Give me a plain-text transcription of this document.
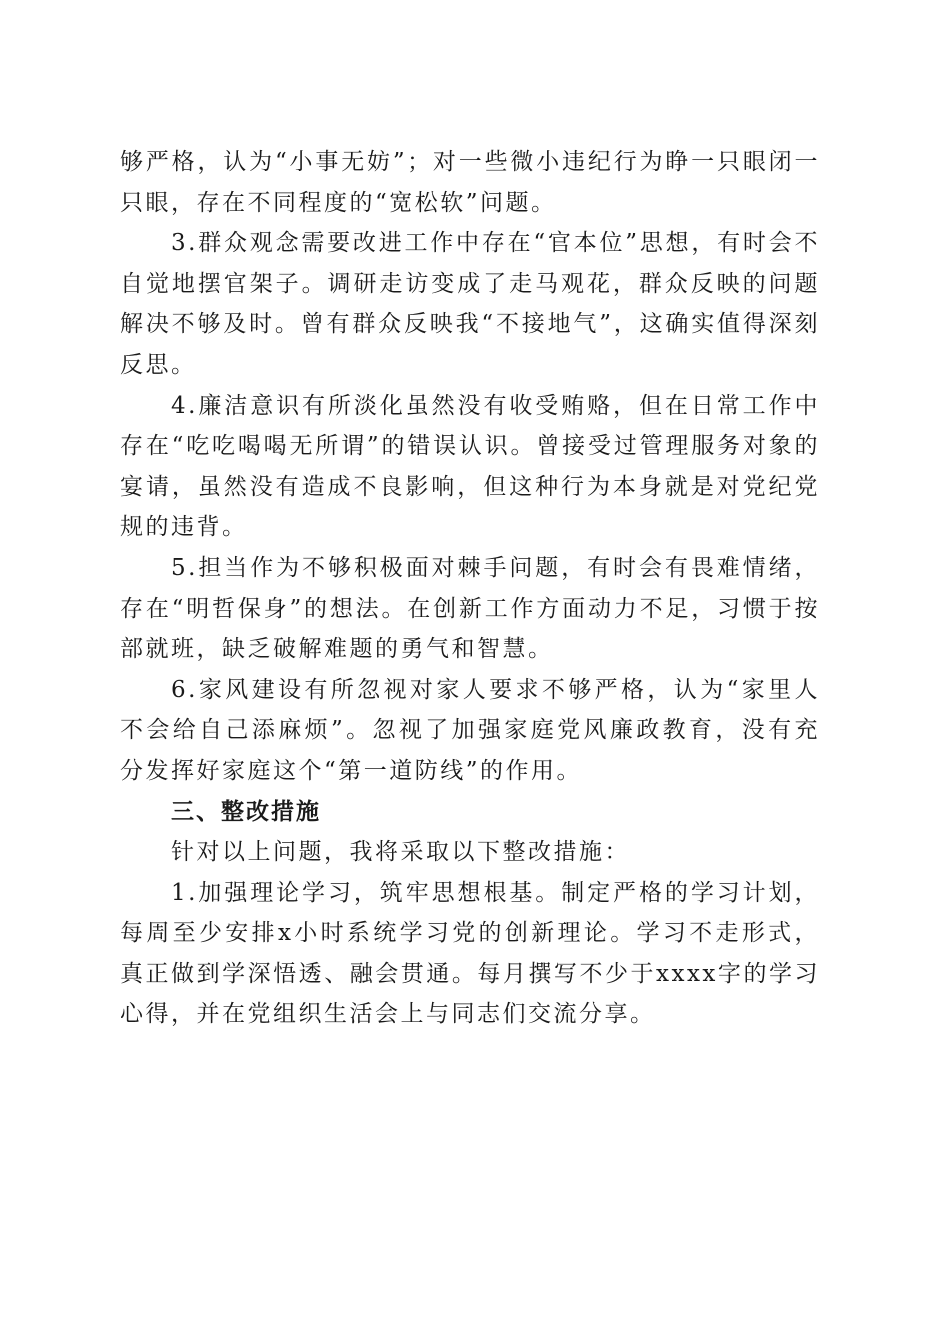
够严格，认为“小事无妨”；对一些微小违纪行为睁一只眼闭一只眼，存在不同程度的“宽松软”问题。

3.群众观念需要改进工作中存在“官本位”思想，有时会不自觉地摆官架子。调研走访变成了走马观花，群众反映的问题解决不够及时。曾有群众反映我“不接地气”，这确实值得深刻反思。

4.廉洁意识有所淡化虽然没有收受贿赂，但在日常工作中存在“吃吃喝喝无所谓”的错误认识。曾接受过管理服务对象的宴请，虽然没有造成不良影响，但这种行为本身就是对党纪党规的违背。

5.担当作为不够积极面对棘手问题，有时会有畏难情绪，存在“明哲保身”的想法。在创新工作方面动力不足，习惯于按部就班，缺乏破解难题的勇气和智慧。

6.家风建设有所忽视对家人要求不够严格，认为“家里人不会给自己添麻烦”。忽视了加强家庭党风廉政教育，没有充分发挥好家庭这个“第一道防线”的作用。

三、整改措施

针对以上问题，我将采取以下整改措施：

1.加强理论学习，筑牢思想根基。制定严格的学习计划，每周至少安排x小时系统学习党的创新理论。学习不走形式，真正做到学深悟透、融会贯通。每月撰写不少于xxxx字的学习心得，并在党组织生活会上与同志们交流分享。
